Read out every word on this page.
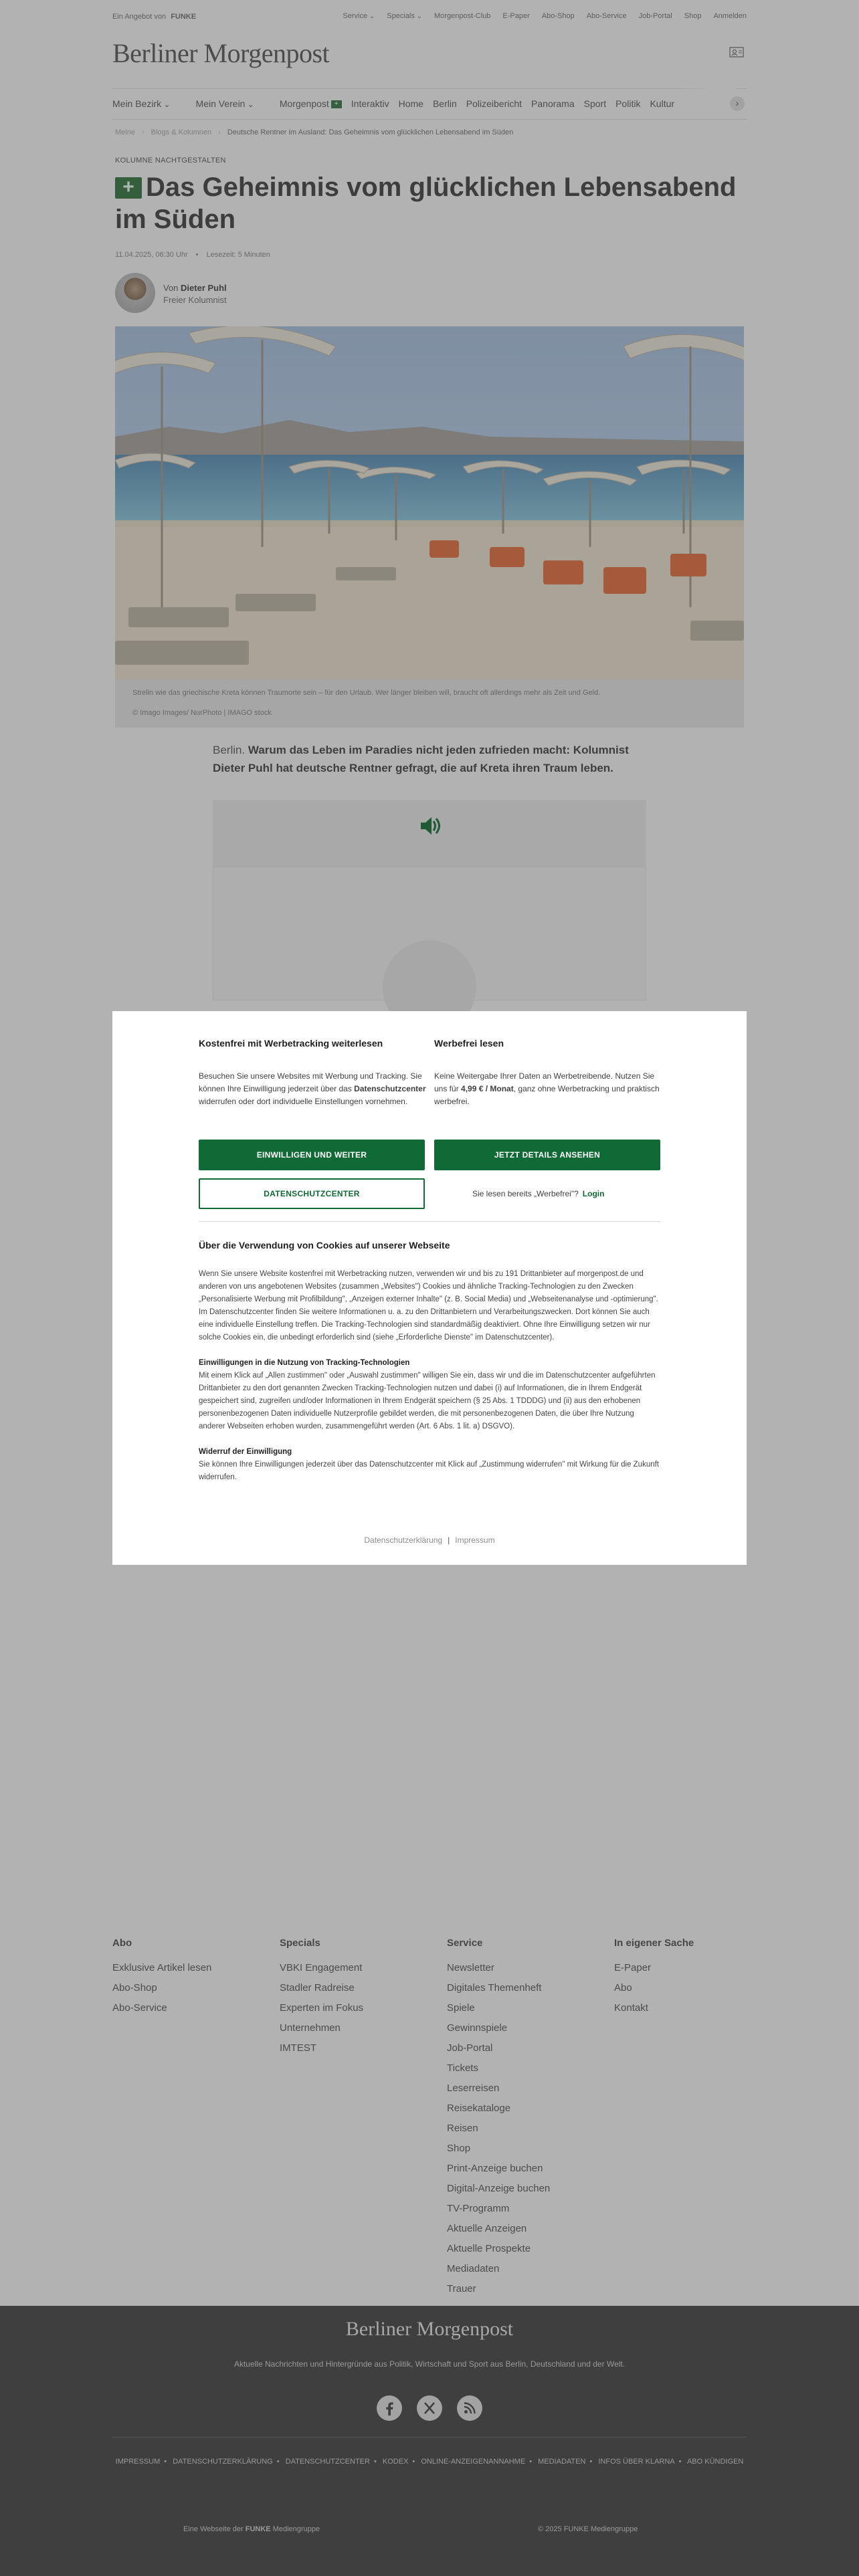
Ein Angebot von FUNKE	Service ⌄	Specials ⌄	Morgenpost-Club E-Paper Abo-Shop Abo-Service Job-Portal Shop Anmelden
Berliner Morgenpost
Mein Bezirk ⌄	Mein Verein ⌄	Morgenpost +	Interaktiv Home Berlin Polizeibericht Panorama Sport Politik Kultur	›
Meine › Blogs & Kolumnen › Deutsche Rentner im Ausland: Das Geheimnis vom glücklichen Lebensabend im Süden
KOLUMNE NACHTGESTALTEN
+ Das Geheimnis vom glücklichen Lebensabend im Süden
11.04.2025, 06:30 Uhr • Lesezeit: 5 Minuten
Von Dieter Puhl
Freier Kolumnist
Strelin wie das griechische Kreta können Traumorte sein – für den Urlaub. Wer länger bleiben will, braucht oft allerdings mehr als Zeit und Geld.
© Imago Images/ NurPhoto | IMAGO stock

Berlin. Warum das Leben im Paradies nicht jeden zufrieden macht: Kolumnist Dieter Puhl hat deutsche Rentner gefragt, die auf Kreta ihren Traum leben.

Kostenfrei mit Werbetracking weiterlesen

Besuchen Sie unsere Websites mit Werbung und Tracking. Sie können Ihre Einwilligung jederzeit über das Datenschutzcenter widerrufen oder dort individuelle Einstellungen vornehmen.

Werbefrei lesen

Keine Weitergabe Ihrer Daten an Werbetreibende. Nutzen Sie uns für 4,99 € / Monat, ganz ohne Werbetracking und praktisch werbefrei.

EINWILLIGEN UND WEITER	JETZT DETAILS ANSEHEN
DATENSCHUTZCENTER	Sie lesen bereits „Werbefrei"? Login
Über die Verwendung von Cookies auf unserer Webseite

Wenn Sie unsere Website kostenfrei mit Werbetracking nutzen, verwenden wir und bis zu 191 Drittanbieter auf morgenpost.de und anderen von uns angebotenen Websites (zusammen „Websites") Cookies und ähnliche Tracking-Technologien zu den Zwecken „Personalisierte Werbung mit Profilbildung", „Anzeigen externer Inhalte" (z. B. Social Media) und „Webseitenanalyse und -optimierung". Im Datenschutzcenter finden Sie weitere Informationen u. a. zu den Drittanbietern und Verarbeitungszwecken. Dort können Sie auch eine individuelle Einstellung treffen. Die Tracking-Technologien sind standardmäßig deaktiviert. Ohne Ihre Einwilligung setzen wir nur solche Cookies ein, die unbedingt erforderlich sind (siehe „Erforderliche Dienste" im Datenschutzcenter).

Einwilligungen in die Nutzung von Tracking-Technologien
Mit einem Klick auf „Allen zustimmen" oder „Auswahl zustimmen" willigen Sie ein, dass wir und die im Datenschutzcenter aufgeführten Drittanbieter zu den dort genannten Zwecken Tracking-Technologien nutzen und dabei (i) auf Informationen, die in Ihrem Endgerät gespeichert sind, zugreifen und/oder Informationen in Ihrem Endgerät speichern (§ 25 Abs. 1 TDDDG) und (ii) aus den erhobenen personenbezogenen Daten individuelle Nutzerprofile gebildet werden, die mit personenbezogenen Daten, die über Ihre Nutzung anderer Webseiten erhoben wurden, zusammengeführt werden (Art. 6 Abs. 1 lit. a) DSGVO).

Widerruf der Einwilligung
Sie können Ihre Einwilligungen jederzeit über das Datenschutzcenter mit Klick auf „Zustimmung widerrufen" mit Wirkung für die Zukunft widerrufen.

Datenschutzerklärung | Impressum
Abo
Exklusive Artikel lesen
Abo-Shop
Abo-Service
Specials
VBKI Engagement
Stadler Radreise
Experten im Fokus
Unternehmen
IMTEST
Service
Newsletter
Digitales Themenheft
Spiele
Gewinnspiele
Job-Portal
Tickets
Leserreisen
Reisekataloge
Reisen
Shop
Print-Anzeige buchen
Digital-Anzeige buchen
TV-Programm
Aktuelle Anzeigen
Aktuelle Prospekte
Mediadaten
Trauer
In eigener Sache
E-Paper
Abo
Kontakt
Berliner Morgenpost
Aktuelle Nachrichten und Hintergründe aus Politik, Wirtschaft und Sport aus Berlin, Deutschland und der Welt.
IMPRESSUM • DATENSCHUTZERKLÄRUNG • DATENSCHUTZCENTER • KODEX • ONLINE-ANZEIGENANNAHME • MEDIADATEN • INFOS ÜBER KLARNA • ABO KÜNDIGEN
Eine Webseite der FUNKE Mediengruppe	© 2025 FUNKE Mediengruppe
